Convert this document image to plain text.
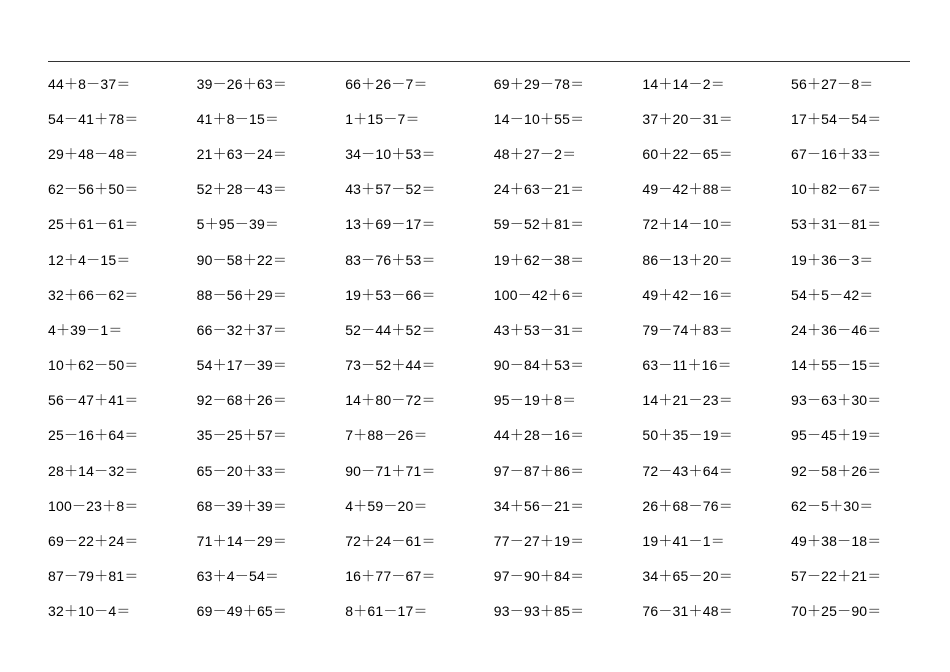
44＋8－37＝	39－26＋63＝	66＋26－7＝	69＋29－78＝	14＋14－2＝	56＋27－8＝
54－41＋78＝	41＋8－15＝	1＋15－7＝	14－10＋55＝	37＋20－31＝	17＋54－54＝
29＋48－48＝	21＋63－24＝	34－10＋53＝	48＋27－2＝	60＋22－65＝	67－16＋33＝
62－56＋50＝	52＋28－43＝	43＋57－52＝	24＋63－21＝	49－42＋88＝	10＋82－67＝
25＋61－61＝	5＋95－39＝	13＋69－17＝	59－52＋81＝	72＋14－10＝	53＋31－81＝
12＋4－15＝	90－58＋22＝	83－76＋53＝	19＋62－38＝	86－13＋20＝	19＋36－3＝
32＋66－62＝	88－56＋29＝	19＋53－66＝	100－42＋6＝	49＋42－16＝	54＋5－42＝
4＋39－1＝	66－32＋37＝	52－44＋52＝	43＋53－31＝	79－74＋83＝	24＋36－46＝
10＋62－50＝	54＋17－39＝	73－52＋44＝	90－84＋53＝	63－11＋16＝	14＋55－15＝
56－47＋41＝	92－68＋26＝	14＋80－72＝	95－19＋8＝	14＋21－23＝	93－63＋30＝
25－16＋64＝	35－25＋57＝	7＋88－26＝	44＋28－16＝	50＋35－19＝	95－45＋19＝
28＋14－32＝	65－20＋33＝	90－71＋71＝	97－87＋86＝	72－43＋64＝	92－58＋26＝
100－23＋8＝	68－39＋39＝	4＋59－20＝	34＋56－21＝	26＋68－76＝	62－5＋30＝
69－22＋24＝	71＋14－29＝	72＋24－61＝	77－27＋19＝	19＋41－1＝	49＋38－18＝
87－79＋81＝	63＋4－54＝	16＋77－67＝	97－90＋84＝	34＋65－20＝	57－22＋21＝
32＋10－4＝	69－49＋65＝	8＋61－17＝	93－93＋85＝	76－31＋48＝	70＋25－90＝
